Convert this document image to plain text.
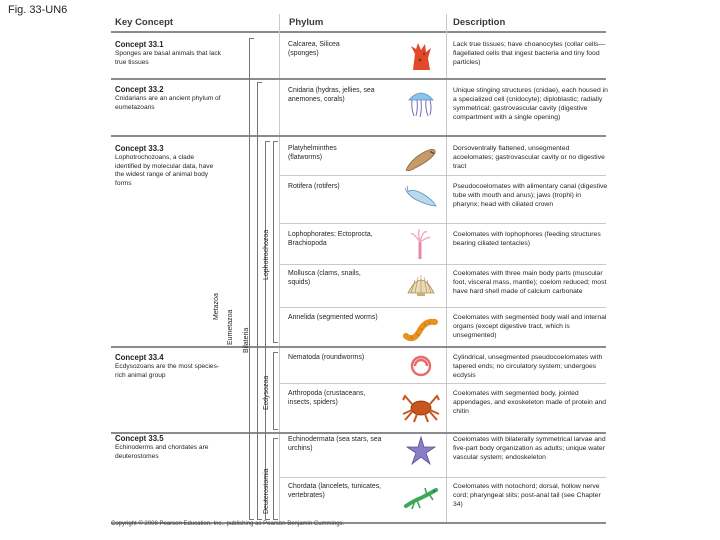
Fig. 33-UN6
Key Concept	Phylum	Description
Concept 33.1
Sponges are basal animals that lack true tissues
Concept 33.2
Cnidarians are an ancient phylum of eumetazoans
Concept 33.3
Lophotrochozoans, a clade identified by molecular data, have the widest range of animal body forms
Concept 33.4
Ecdysozoans are the most species-rich animal group
Concept 33.5
Echinoderms and chordates are deuterostomes
Metazoa
Eumetazoa Bilateria
Lophotrochozoa
Ecdysozoa
Deuterostomia
Calcarea, Silicea (sponges)
Cnidaria (hydras, jellies, sea anemones, corals)
Platyhelminthes (flatworms)
Rotifera (rotifers)
Lophophorates: Ectoprocta, Brachiopoda
Mollusca (clams, snails, squids)
Annelida (segmented worms)
Nematoda (roundworms)
Arthropoda (crustaceans, insects, spiders)
Echinodermata (sea stars, sea urchins)
Chordata (lancelets, tunicates, vertebrates)
Lack true tissues; have choanocytes (collar cells—flagellated cells that ingest bacteria and tiny food particles)
Unique stinging structures (cnidae), each housed in a specialized cell (cnidocyte); diploblastic; radially symmetrical; gastrovascular cavity (digestive compartment with a single opening)
Dorsoventrally flattened, unsegmented acoelomates; gastrovascular cavity or no digestive tract
Pseudocoelomates with alimentary canal (digestive tube with mouth and anus); jaws (trophi) in pharynx; head with ciliated crown
Coelomates with lophophores (feeding structures bearing ciliated tentacles)
Coelomates with three main body parts (muscular foot, visceral mass, mantle); coelom reduced; most have hard shell made of calcium carbonate
Coelomates with segmented body wall and internal organs (except digestive tract, which is unsegmented)
Cylindrical, unsegmented pseudocoelomates with tapered ends; no circulatory system; undergoes ecdysis
Coelomates with segmented body, jointed appendages, and exoskeleton made of protein and chitin
Coelomates with bilaterally symmetrical larvae and five-part body organization as adults; unique water vascular system; endoskeleton
Coelomates with notochord; dorsal, hollow nerve cord; pharyngeal slits; post-anal tail (see Chapter 34)
Copyright © 2008 Pearson Education, Inc., publishing as Pearson Benjamin Cummings.
